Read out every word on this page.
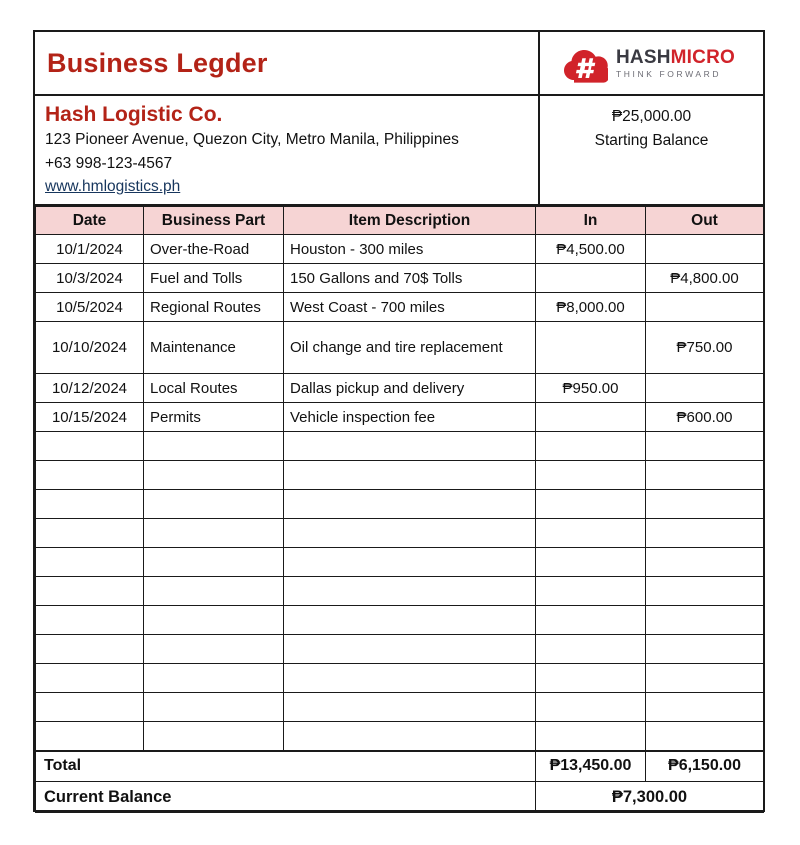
Business Legder	HASHMICRO
THINK FORWARD
Hash Logistic Co.
123 Pioneer Avenue, Quezon City, Metro Manila, Philippines
+63 998-123-4567
www.hmlogistics.ph
₱25,000.00
Starting Balance
Date	Business Part	Item Description	In	Out
10/1/2024	Over-the-Road	Houston - 300 miles	₱4,500.00	
10/3/2024	Fuel and Tolls	150 Gallons and 70$ Tolls		₱4,800.00
10/5/2024	Regional Routes	West Coast - 700 miles	₱8,000.00	
10/10/2024	Maintenance	Oil change and tire replacement		₱750.00
10/12/2024	Local Routes	Dallas pickup and delivery	₱950.00	
10/15/2024	Permits	Vehicle inspection fee		₱600.00

Total			₱13,450.00	₱6,150.00
Current Balance			₱7,300.00	
